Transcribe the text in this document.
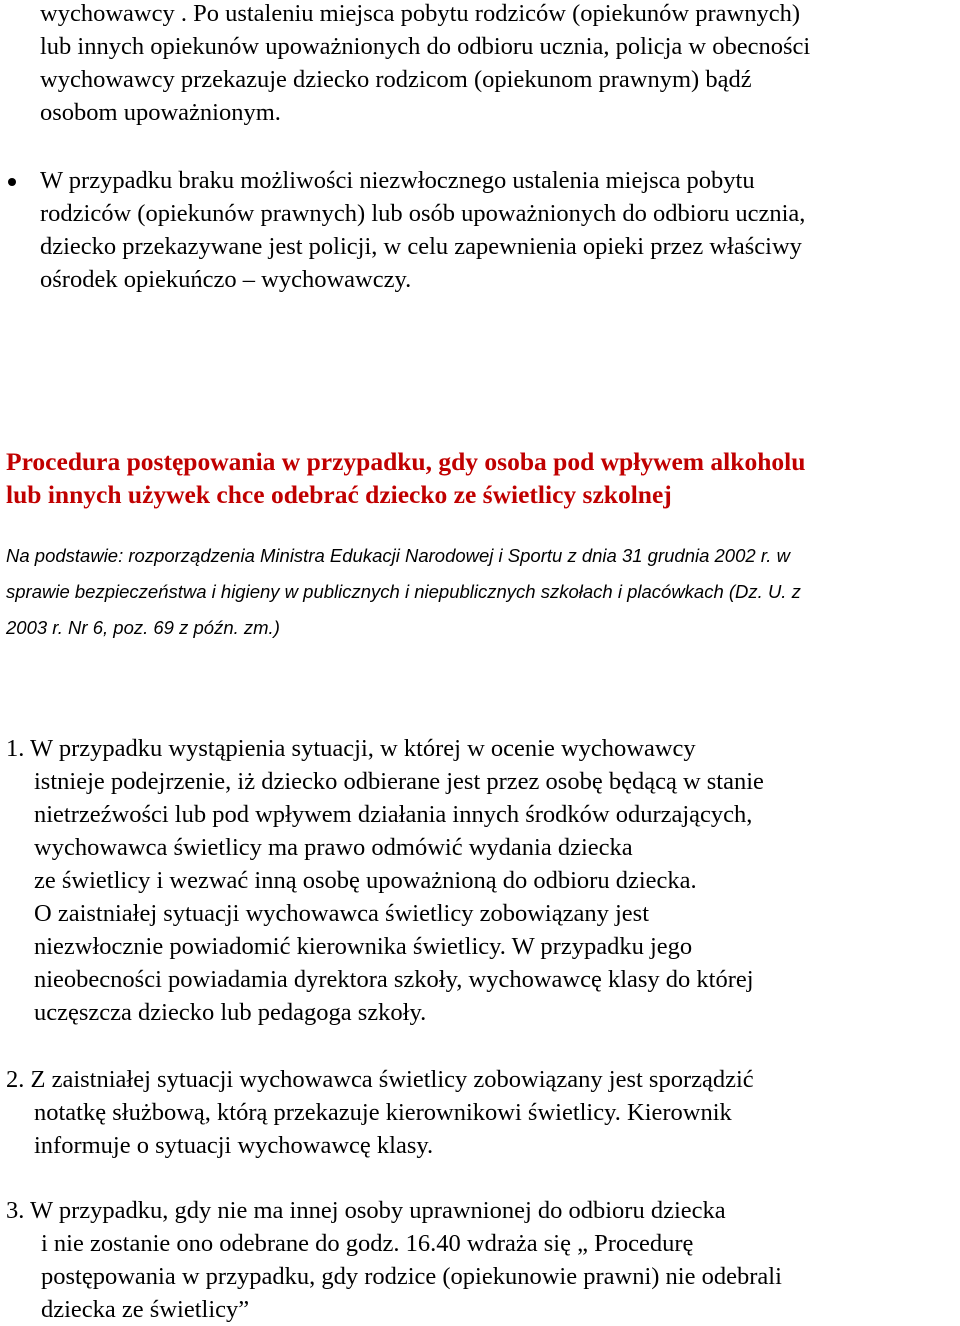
wychowawcy . Po ustaleniu miejsca pobytu rodziców (opiekunów prawnych)
lub innych opiekunów upoważnionych do odbioru ucznia, policja w obecności
wychowawcy przekazuje dziecko rodzicom (opiekunom prawnym) bądź
osobom upoważnionym.
W przypadku braku możliwości niezwłocznego ustalenia miejsca pobytu
rodziców (opiekunów prawnych) lub osób upoważnionych do odbioru ucznia,
dziecko przekazywane jest policji, w celu zapewnienia opieki przez właściwy
ośrodek opiekuńczo – wychowawczy.
Procedura postępowania w przypadku, gdy osoba pod wpływem alkoholu
lub innych używek chce odebrać dziecko ze świetlicy szkolnej
Na podstawie: rozporządzenia Ministra Edukacji Narodowej i Sportu z dnia 31 grudnia 2002 r. w
sprawie bezpieczeństwa i higieny w publicznych i niepublicznych szkołach i placówkach (Dz. U. z
2003 r. Nr 6, poz. 69 z późn. zm.)
1. W przypadku wystąpienia sytuacji, w której w ocenie wychowawcy
istnieje podejrzenie, iż dziecko odbierane jest przez osobę będącą w stanie
nietrzeźwości lub pod wpływem działania innych środków odurzających,
wychowawca świetlicy ma prawo odmówić wydania dziecka
ze świetlicy i wezwać inną osobę upoważnioną do odbioru dziecka.
O zaistniałej sytuacji wychowawca świetlicy zobowiązany jest
niezwłocznie powiadomić kierownika świetlicy. W przypadku jego
nieobecności powiadamia dyrektora szkoły, wychowawcę klasy do której
uczęszcza dziecko lub pedagoga szkoły.
2. Z zaistniałej sytuacji wychowawca świetlicy zobowiązany jest sporządzić
notatkę służbową, którą przekazuje kierownikowi świetlicy. Kierownik
informuje o sytuacji wychowawcę klasy.
3. W przypadku, gdy nie ma innej osoby uprawnionej do odbioru dziecka
i nie zostanie ono odebrane do godz. 16.40 wdraża się „ Procedurę
postępowania w przypadku, gdy rodzice (opiekunowie prawni) nie odebrali
dziecka ze świetlicy”
